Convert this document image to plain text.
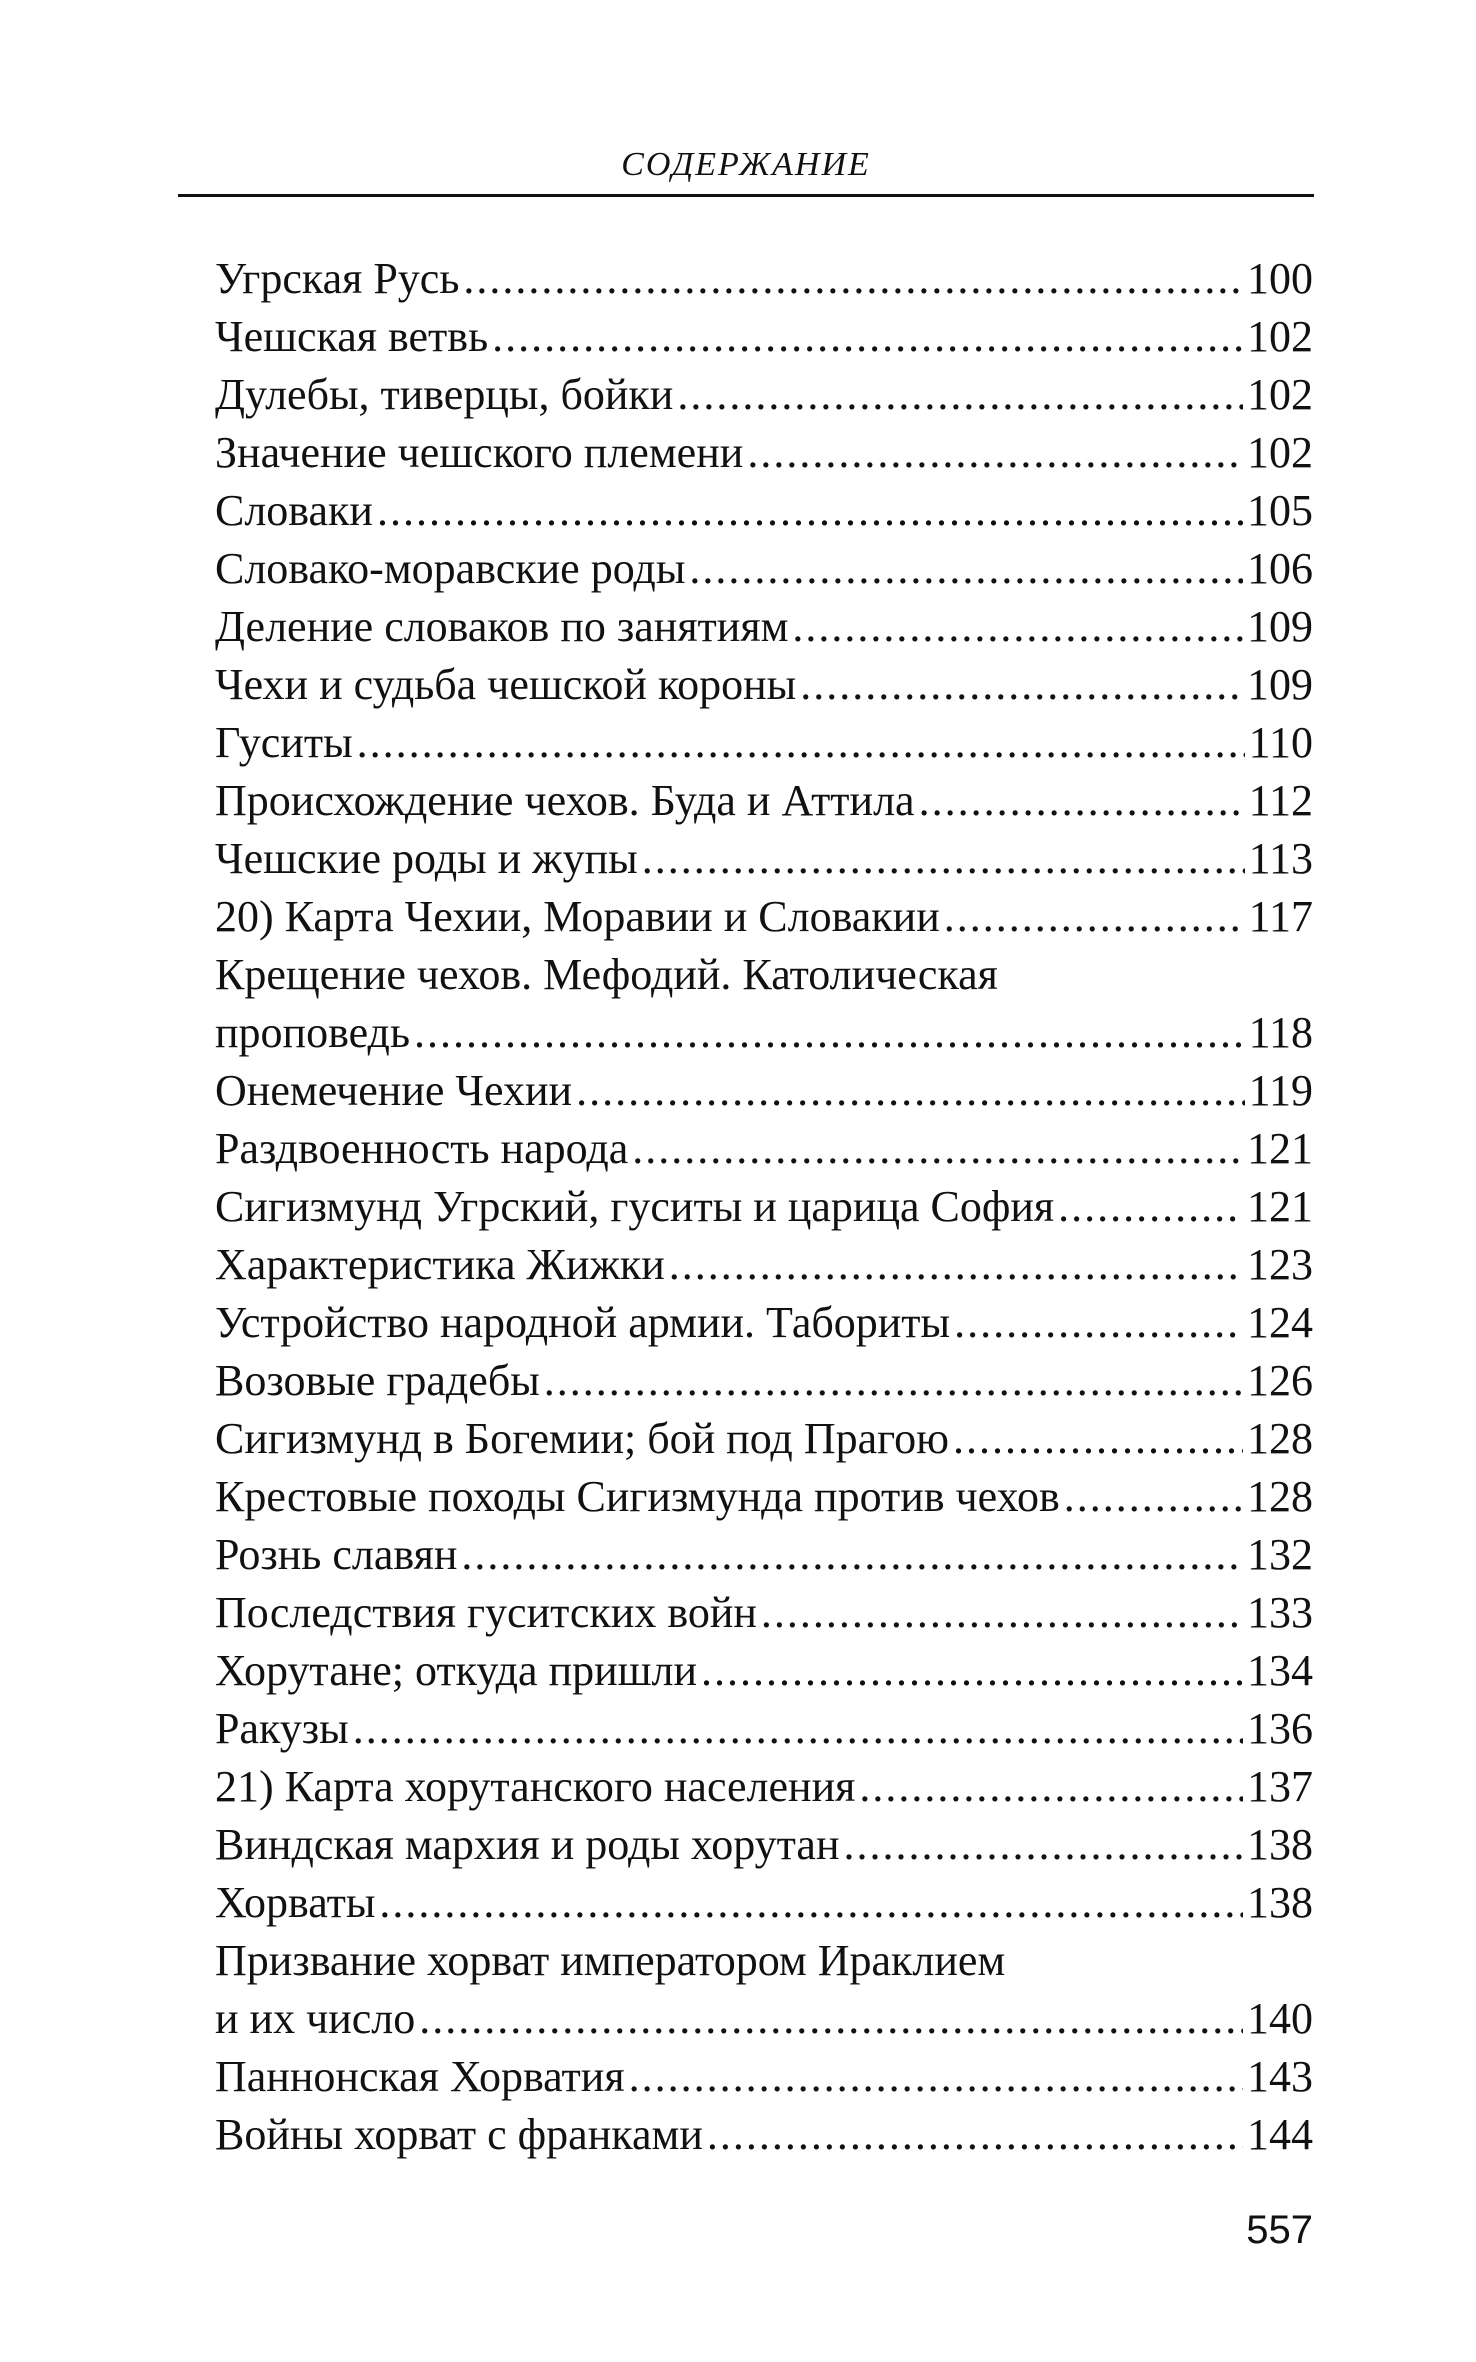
СОДЕРЖАНИЕ
Угрская Русь .....	100
Чешская ветвь .....	102
Дулебы, тиверцы, бойки .....	102
Значение чешского племени .....	102
Словаки .....	105
Словако-моравские роды .....	106
Деление словаков по занятиям .....	109
Чехи и судьба чешской короны .....	109
Гуситы .....	110
Происхождение чехов. Буда и Аттила .....	112
Чешские роды и жупы .....	113
20) Карта Чехии, Моравии и Словакии .....	117
Крещение чехов. Мефодий. Католическая
проповедь .....	118
Онемечение Чехии .....	119
Раздвоенность народа .....	121
Сигизмунд Угрский, гуситы и царица София .....	121
Характеристика Жижки .....	123
Устройство народной армии. Табориты .....	124
Возовые градебы .....	126
Сигизмунд в Богемии; бой под Прагою .....	128
Крестовые походы Сигизмунда против чехов .....	128
Рознь славян .....	132
Последствия гуситских войн .....	133
Хорутане; откуда пришли .....	134
Ракузы .....	136
21) Карта хорутанского населения .....	137
Виндская мархия и роды хорутан .....	138
Хорваты .....	138
Призвание хорват императором Ираклием
и их число .....	140
Паннонская Хорватия .....	143
Войны хорват с франками .....	144
557
